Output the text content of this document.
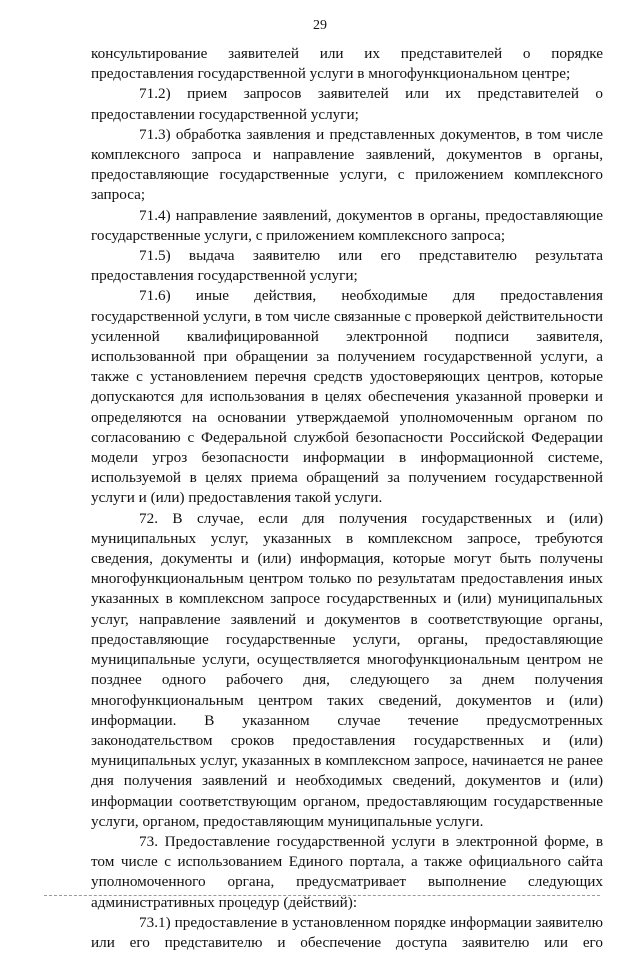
29

консультирование заявителей или их представителей о порядке предоставления государственной услуги в многофункциональном центре;

71.2) прием запросов заявителей или их представителей о предоставлении государственной услуги;

71.3) обработка заявления и представленных документов, в том числе комплексного запроса и направление заявлений, документов в органы, предоставляющие государственные услуги, с приложением комплексного запроса;

71.4) направление заявлений, документов в органы, предоставляющие государственные услуги, с приложением комплексного запроса;

71.5) выдача заявителю или его представителю результата предоставления государственной услуги;

71.6) иные действия, необходимые для предоставления государственной услуги, в том числе связанные с проверкой действительности усиленной квалифицированной электронной подписи заявителя, использованной при обращении за получением государственной услуги, а также с установлением перечня средств удостоверяющих центров, которые допускаются для использования в целях обеспечения указанной проверки и определяются на основании утверждаемой уполномоченным органом по согласованию с Федеральной службой безопасности Российской Федерации модели угроз безопасности информации в информационной системе, используемой в целях приема обращений за получением государственной услуги и (или) предоставления такой услуги.

72. В случае, если для получения государственных и (или) муниципальных услуг, указанных в комплексном запросе, требуются сведения, документы и (или) информация, которые могут быть получены многофункциональным центром только по результатам предоставления иных указанных в комплексном запросе государственных и (или) муниципальных услуг, направление заявлений и документов в соответствующие органы, предоставляющие государственные услуги, органы, предоставляющие муниципальные услуги, осуществляется многофункциональным центром не позднее одного рабочего дня, следующего за днем получения многофункциональным центром таких сведений, документов и (или) информации. В указанном случае течение предусмотренных законодательством сроков предоставления государственных и (или) муниципальных услуг, указанных в комплексном запросе, начинается не ранее дня получения заявлений и необходимых сведений, документов и (или) информации соответствующим органом, предоставляющим государственные услуги, органом, предоставляющим муниципальные услуги.

73. Предоставление государственной услуги в электронной форме, в том числе с использованием Единого портала, а также официального сайта уполномоченного органа, предусматривает выполнение следующих административных процедур (действий):

73.1) предоставление в установленном порядке информации заявителю или его представителю и обеспечение доступа заявителю или его
